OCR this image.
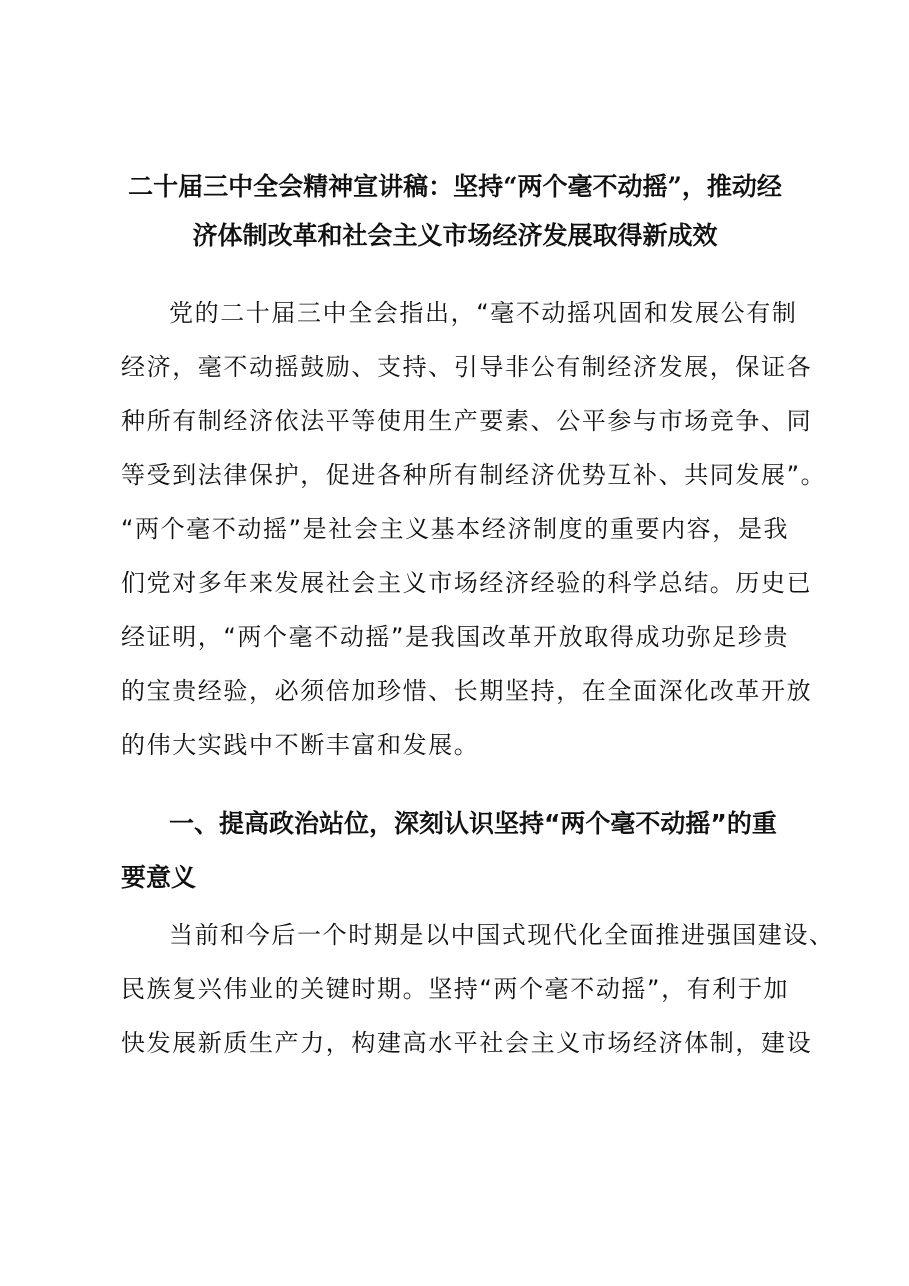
二十届三中全会精神宣讲稿：坚持“两个毫不动摇”，推动经
济体制改革和社会主义市场经济发展取得新成效
党的二十届三中全会指出，“毫不动摇巩固和发展公有制
经济，毫不动摇鼓励、支持、引导非公有制经济发展，保证各
种所有制经济依法平等使用生产要素、公平参与市场竞争、同
等受到法律保护，促进各种所有制经济优势互补、共同发展”。
“两个毫不动摇”是社会主义基本经济制度的重要内容，是我
们党对多年来发展社会主义市场经济经验的科学总结。历史已
经证明，“两个毫不动摇”是我国改革开放取得成功弥足珍贵
的宝贵经验，必须倍加珍惜、长期坚持，在全面深化改革开放
的伟大实践中不断丰富和发展。
一、提高政治站位，深刻认识坚持“两个毫不动摇”的重
要意义
当前和今后一个时期是以中国式现代化全面推进强国建设、
民族复兴伟业的关键时期。坚持“两个毫不动摇”，有利于加
快发展新质生产力，构建高水平社会主义市场经济体制，建设
